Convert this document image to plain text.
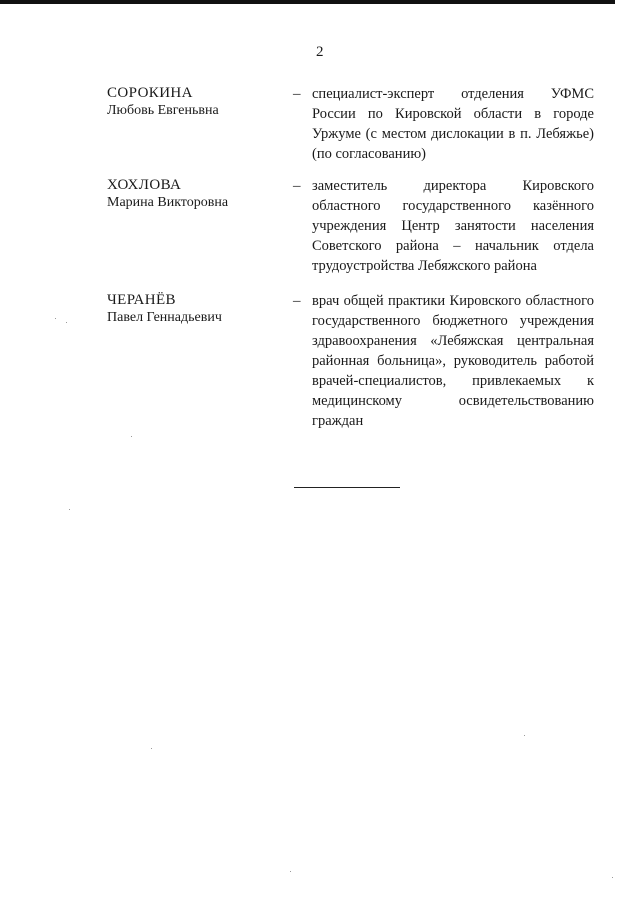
2
СОРОКИНА
Любовь Евгеньвна
– специалист-эксперт отделения УФМС России по Кировской области в городе Уржуме (с местом дислокации в п. Лебяжье) (по согласованию)
ХОХЛОВА
Марина Викторовна
– заместитель директора Кировского областного государственного казённого учреждения Центр занятости населения Советского района – начальник отдела трудоустройства Лебяжского района
ЧЕРАНЁВ
Павел Геннадьевич
– врач общей практики Кировского областного государственного бюджетного учреждения здравоохранения «Лебяжская центральная районная больница», руководитель работой врачей-специалистов, привлекаемых к медицинскому освидетельствованию граждан
